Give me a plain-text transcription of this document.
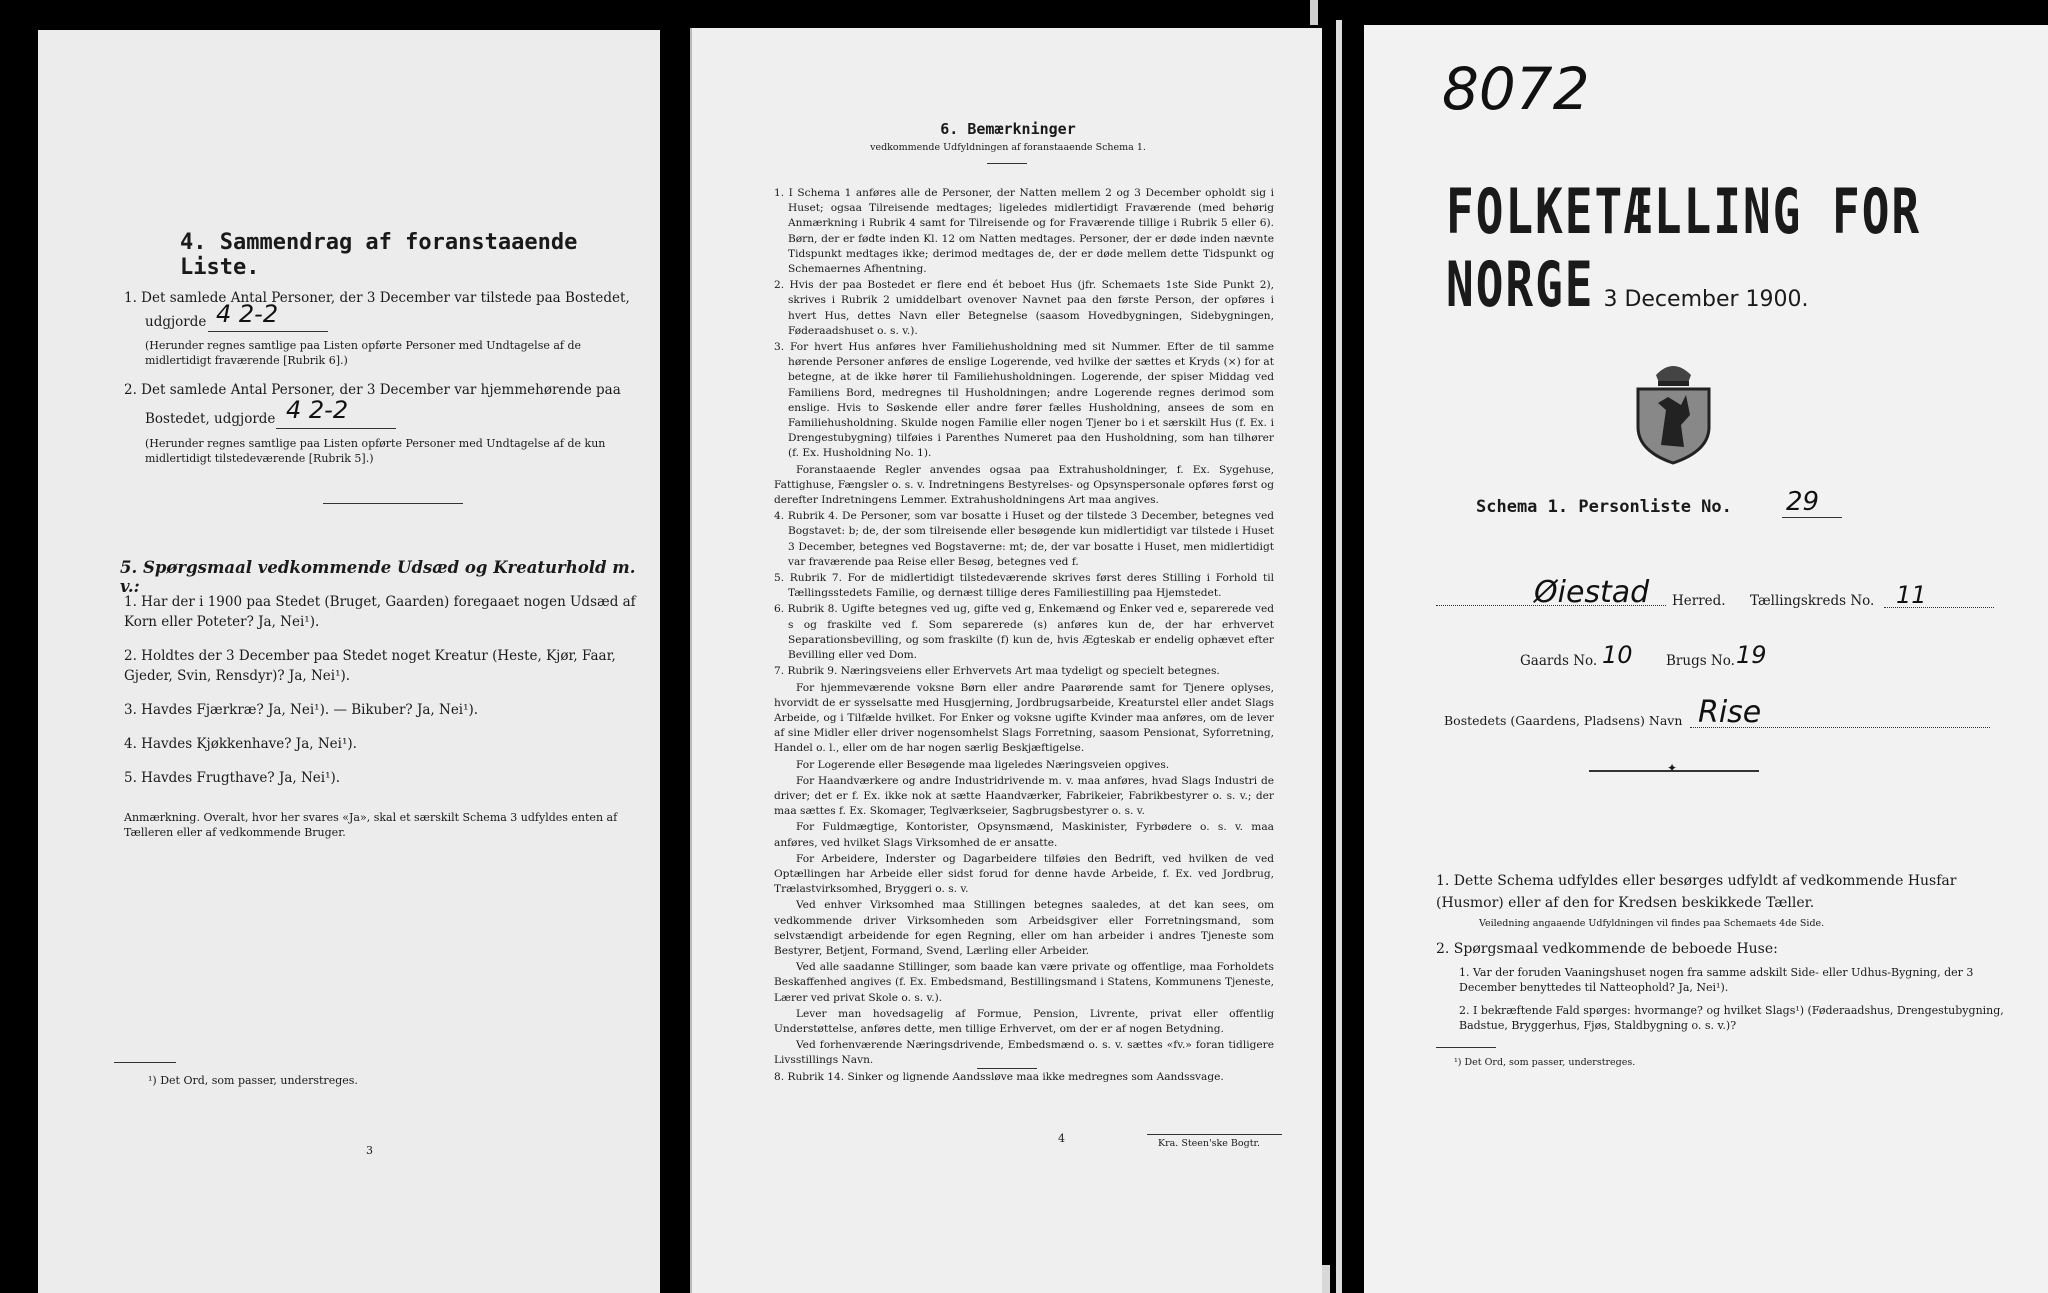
4. Sammendrag af foranstaaende Liste.
1. Det samlede Antal Personer, der 3 December var tilstede paa Bostedet,
udgjorde 4 2-2
(Herunder regnes samtlige paa Listen opførte Personer med Undtagelse af de midlertidigt fraværende [Rubrik 6].)
2. Det samlede Antal Personer, der 3 December var hjemmehørende paa
Bostedet, udgjorde 4 2-2
(Herunder regnes samtlige paa Listen opførte Personer med Undtagelse af de kun midlertidigt tilstedeværende [Rubrik 5].)
5. Spørgsmaal vedkommende Udsæd og Kreaturhold m. v.:
1. Har der i 1900 paa Stedet (Bruget, Gaarden) foregaaet nogen Udsæd af Korn eller Poteter? Ja, Nei¹).
2. Holdtes der 3 December paa Stedet noget Kreatur (Heste, Kjør, Faar, Gjeder, Svin, Rensdyr)? Ja, Nei¹).
3. Havdes Fjærkræ? Ja, Nei¹). — Bikuber? Ja, Nei¹).
4. Havdes Kjøkkenhave? Ja, Nei¹).
5. Havdes Frugthave? Ja, Nei¹).
Anmærkning. Overalt, hvor her svares «Ja», skal et særskilt Schema 3 udfyldes enten af Tælleren eller af vedkommende Bruger.
¹) Det Ord, som passer, understreges.
3
6. Bemærkninger
vedkommende Udfyldningen af foranstaaende Schema 1.
1. I Schema 1 anføres alle de Personer, der Natten mellem 2 og 3 December opholdt sig i Huset; ogsaa Tilreisende medtages; ligeledes midlertidigt Fraværende (med behørig Anmærkning i Rubrik 4 samt for Tilreisende og for Fraværende tillige i Rubrik 5 eller 6). Børn, der er fødte inden Kl. 12 om Natten medtages. Personer, der er døde inden nævnte Tidspunkt medtages ikke; derimod medtages de, der er døde mellem dette Tidspunkt og Schemaernes Afhentning.
2. Hvis der paa Bostedet er flere end ét beboet Hus (jfr. Schemaets 1ste Side Punkt 2), skrives i Rubrik 2 umiddelbart ovenover Navnet paa den første Person, der opføres i hvert Hus, dettes Navn eller Betegnelse (saasom Hovedbygningen, Sidebygningen, Føderaadshuset o. s. v.).
3. For hvert Hus anføres hver Familiehusholdning med sit Nummer. Efter de til samme hørende Personer anføres de enslige Logerende, ved hvilke der sættes et Kryds (×) for at betegne, at de ikke hører til Familiehusholdningen. Logerende, der spiser Middag ved Familiens Bord, medregnes til Husholdningen; andre Logerende regnes derimod som enslige. Hvis to Søskende eller andre fører fælles Husholdning, ansees de som en Familiehusholdning. Skulde nogen Familie eller nogen Tjener bo i et særskilt Hus (f. Ex. i Drengestubygning) tilføies i Parenthes Numeret paa den Husholdning, som han tilhører (f. Ex. Husholdning No. 1).
Foranstaaende Regler anvendes ogsaa paa Extrahusholdninger, f. Ex. Sygehuse, Fattighuse, Fængsler o. s. v. Indretningens Bestyrelses- og Opsynspersonale opføres først og derefter Indretningens Lemmer. Extrahusholdningens Art maa angives.
4. Rubrik 4. De Personer, som var bosatte i Huset og der tilstede 3 December, betegnes ved Bogstavet: b; de, der som tilreisende eller besøgende kun midlertidigt var tilstede i Huset 3 December, betegnes ved Bogstaverne: mt; de, der var bosatte i Huset, men midlertidigt var fraværende paa Reise eller Besøg, betegnes ved f.
5. Rubrik 7. For de midlertidigt tilstedeværende skrives først deres Stilling i Forhold til Tællingsstedets Familie, og dernæst tillige deres Familiestilling paa Hjemstedet.
6. Rubrik 8. Ugifte betegnes ved ug, gifte ved g, Enkemænd og Enker ved e, separerede ved s og fraskilte ved f. Som separerede (s) anføres kun de, der har erhvervet Separationsbevilling, og som fraskilte (f) kun de, hvis Ægteskab er endelig ophævet efter Bevilling eller ved Dom.
7. Rubrik 9. Næringsveiens eller Erhvervets Art maa tydeligt og specielt betegnes.
For hjemmeværende voksne Børn eller andre Paarørende samt for Tjenere oplyses, hvorvidt de er sysselsatte med Husgjerning, Jordbrugsarbeide, Kreaturstel eller andet Slags Arbeide, og i Tilfælde hvilket. For Enker og voksne ugifte Kvinder maa anføres, om de lever af sine Midler eller driver nogensomhelst Slags Forretning, saasom Pensionat, Syforretning, Handel o. l., eller om de har nogen særlig Beskjæftigelse.
For Logerende eller Besøgende maa ligeledes Næringsveien opgives.
For Haandværkere og andre Industridrivende m. v. maa anføres, hvad Slags Industri de driver; det er f. Ex. ikke nok at sætte Haandværker, Fabrikeier, Fabrikbestyrer o. s. v.; der maa sættes f. Ex. Skomager, Teglværkseier, Sagbrugsbestyrer o. s. v.
For Fuldmægtige, Kontorister, Opsynsmænd, Maskinister, Fyrbødere o. s. v. maa anføres, ved hvilket Slags Virksomhed de er ansatte.
For Arbeidere, Inderster og Dagarbeidere tilføies den Bedrift, ved hvilken de ved Optællingen har Arbeide eller sidst forud for denne havde Arbeide, f. Ex. ved Jordbrug, Trælastvirksomhed, Bryggeri o. s. v.
Ved enhver Virksomhed maa Stillingen betegnes saaledes, at det kan sees, om vedkommende driver Virksomheden som Arbeidsgiver eller Forretningsmand, som selvstændigt arbeidende for egen Regning, eller om han arbeider i andres Tjeneste som Bestyrer, Betjent, Formand, Svend, Lærling eller Arbeider.
Ved alle saadanne Stillinger, som baade kan være private og offentlige, maa Forholdets Beskaffenhed angives (f. Ex. Embedsmand, Bestillingsmand i Statens, Kommunens Tjeneste, Lærer ved privat Skole o. s. v.).
Lever man hovedsagelig af Formue, Pension, Livrente, privat eller offentlig Understøttelse, anføres dette, men tillige Erhvervet, om der er af nogen Betydning.
Ved forhenværende Næringsdrivende, Embedsmænd o. s. v. sættes «fv.» foran tidligere Livsstillings Navn.
8. Rubrik 14. Sinker og lignende Aandssløve maa ikke medregnes som Aandssvage.
4	Kra. Steen'ske Bogtr.
8072
FOLKETÆLLING FOR NORGE 3 December 1900.
Schema 1. Personliste No. 29
Øiestad Herred. Tællingskreds No. 11
Gaards No. 10 Brugs No. 19
Bostedets (Gaardens, Pladsens) Navn Rise
✦
1. Dette Schema udfyldes eller besørges udfyldt af vedkommende Husfar (Husmor) eller af den for Kredsen beskikkede Tæller.
Veiledning angaaende Udfyldningen vil findes paa Schemaets 4de Side.
2. Spørgsmaal vedkommende de beboede Huse:
1. Var der foruden Vaaningshuset nogen fra samme adskilt Side- eller Udhus-Bygning, der 3 December benyttedes til Natteophold? Ja, Nei¹).
2. I bekræftende Fald spørges: hvormange? og hvilket Slags¹) (Føderaadshus, Drengestubygning, Badstue, Bryggerhus, Fjøs, Staldbygning o. s. v.)?
¹) Det Ord, som passer, understreges.
